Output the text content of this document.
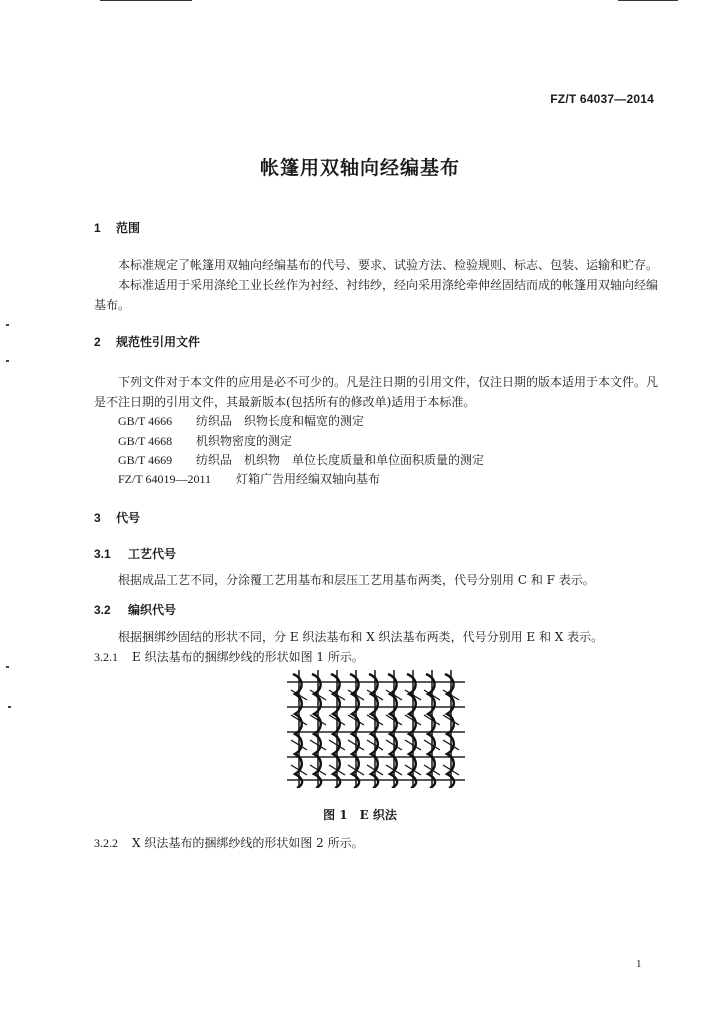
FZ/T 64037—2014
帐篷用双轴向经编基布
1 范围
本标准规定了帐篷用双轴向经编基布的代号、要求、试验方法、检验规则、标志、包装、运输和贮存。
本标准适用于采用涤纶工业长丝作为衬经、衬纬纱，经向采用涤纶牵伸丝固结而成的帐篷用双轴向经编基布。
2 规范性引用文件
下列文件对于本文件的应用是必不可少的。凡是注日期的引用文件，仅注日期的版本适用于本文件。凡是不注日期的引用文件，其最新版本(包括所有的修改单)适用于本标准。
GB/T 4666 纺织品　织物长度和幅宽的测定
GB/T 4668 机织物密度的测定
GB/T 4669 纺织品　机织物　单位长度质量和单位面积质量的测定
FZ/T 64019—2011 灯箱广告用经编双轴向基布
3 代号
3.1 工艺代号
根据成品工艺不同，分涂覆工艺用基布和层压工艺用基布两类，代号分别用 C 和 F 表示。
3.2 编织代号
根据捆绑纱固结的形状不同，分 E 织法基布和 X 织法基布两类，代号分别用 E 和 X 表示。
3.2.1 E 织法基布的捆绑纱线的形状如图 1 所示。
图 1　E 织法
3.2.2 X 织法基布的捆绑纱线的形状如图 2 所示。
1
